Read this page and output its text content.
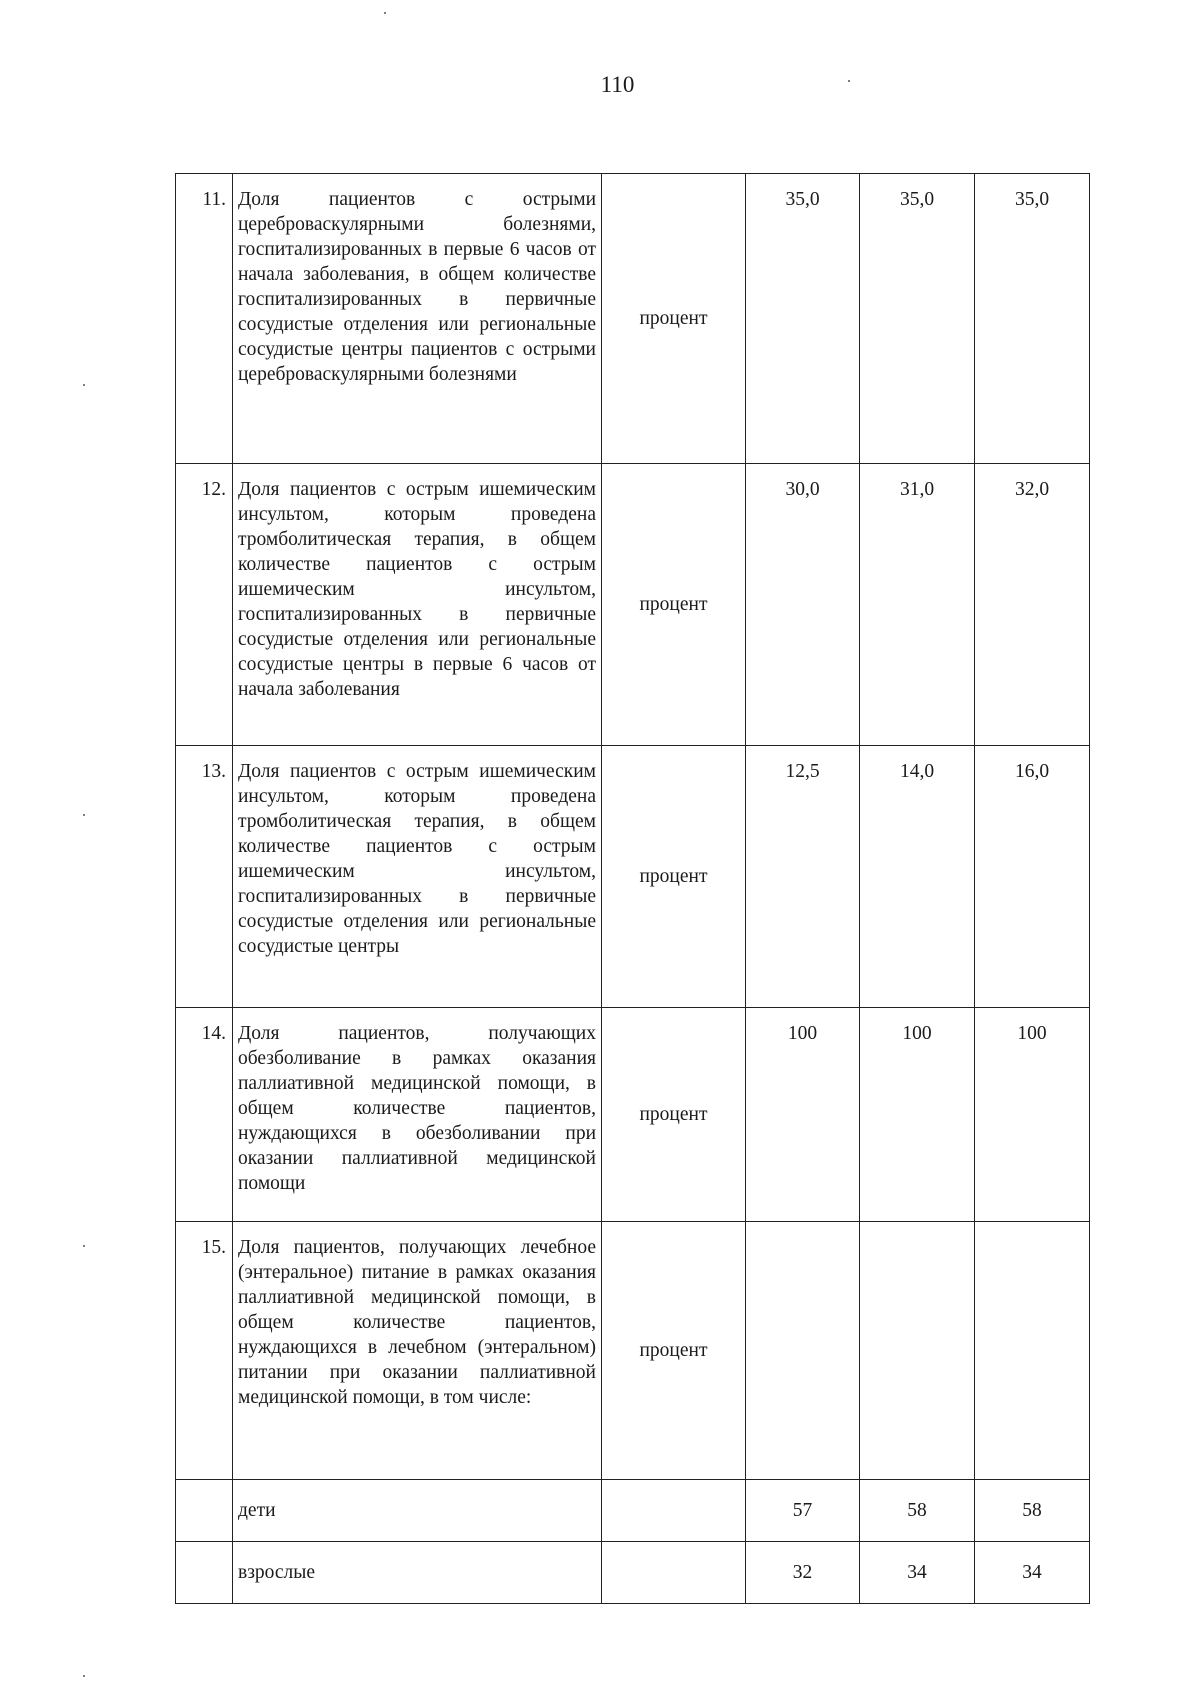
110
11.	Доля пациентов с острыми цереброваскулярными болезнями, госпитализированных в первые 6 часов от начала заболевания, в общем количестве госпитализированных в первичные сосудистые отделения или региональные сосудистые центры пациентов с острыми цереброваскулярными болезнями	процент	35,0	35,0	35,0
12.	Доля пациентов с острым ишемическим инсультом, которым проведена тромболитическая терапия, в общем количестве пациентов с острым ишемическим инсультом, госпитализированных в первичные сосудистые отделения или региональные сосудистые центры в первые 6 часов от начала заболевания	процент	30,0	31,0	32,0
13.	Доля пациентов с острым ишемическим инсультом, которым проведена тромболитическая терапия, в общем количестве пациентов с острым ишемическим инсультом, госпитализированных в первичные сосудистые отделения или региональные сосудистые центры	процент	12,5	14,0	16,0
14.	Доля пациентов, получающих обезболивание в рамках оказания паллиативной медицинской помощи, в общем количестве пациентов, нуждающихся в обезболивании при оказании паллиативной медицинской помощи	процент	100	100	100
15.	Доля пациентов, получающих лечебное (энтеральное) питание в рамках оказания паллиативной медицинской помощи, в общем количестве пациентов, нуждающихся в лечебном (энтеральном) питании при оказании паллиативной медицинской помощи, в том числе:	процент			
	дети		57	58	58
	взрослые		32	34	34
